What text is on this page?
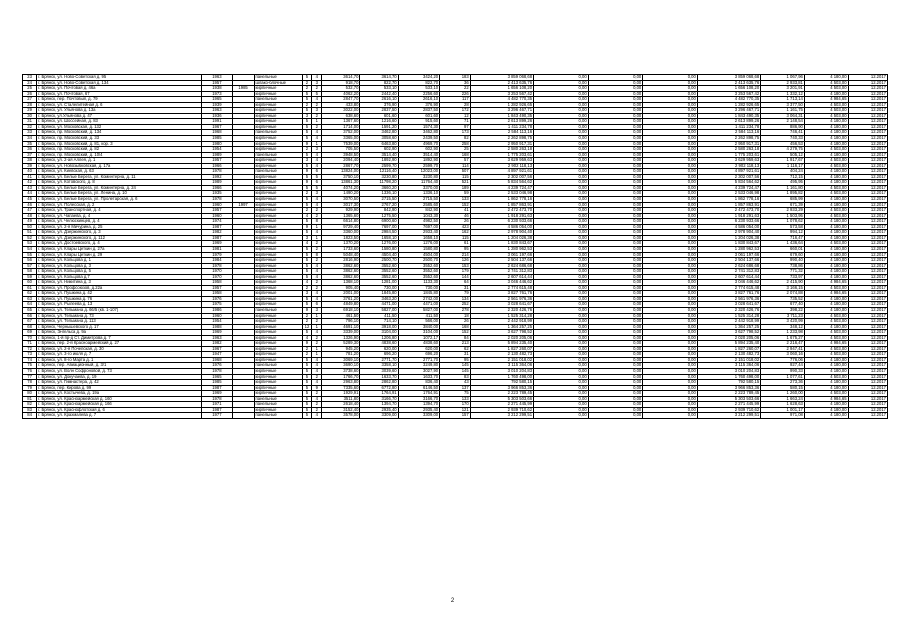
23	г. Брянск, ул. Ново-Советская д. 95	1963		панельные	5	4	3614,70	3614,70	3424,20	183	3 859 068,68	0,00	0,00	0,00	3 859 068,68	1 067,96	4 180,00	12.2017
24	г. Брянск, ул. Ново-Советская д. 134	1957		шлако-блочные	2	3	918,70	822,70	822,70	36	2 413 635,76	0,00	0,00	0,00	2 413 635,76	2 933,81	4 503,00	12.2017
25	г. Брянск, ул. Почтовая д. 46а	1938	1985	кирпичные	2	2	532,70	533,10	533,10	22	1 656 108,20	0,00	0,00	0,00	1 656 108,20	3 201,91	4 503,00	12.2017
26	г. Брянск, ул. Почтовая, 67	1973		кирпичные	5	5	4062,20	2442,40	2256,60	226	3 253 567,42	0,00	0,00	0,00	3 253 567,42	1 332,12	4 180,00	12.2017
27	г. Брянск, пер. Почтовый, д. 79	1965		панельные	5	4	2847,70	2616,10	2616,10	117	4 482 770,35	0,00	0,00	0,00	4 482 770,35	1 713,14	4 984,65	12.2017
28	г. Брянск, ул. Сталелитейная д. 6	1939		кирпичные	2	2	433,80	376,90	376,90	28	1 282 926,65	0,00	0,00	0,00	1 282 926,65	3 377,50	4 503,00	12.2017
29	г. Брянск, ул. Ульянова д. 13а	1963		кирпичные	5	3	3022,00	2837,50	2837,50	172	3 296 467,71	0,00	0,00	0,00	3 296 467,71	1 161,75	4 503,00	12.2017
30	г. Брянск, ул.Ульянова д. 47	1936		кирпичные	3	2	638,60	601,60	601,60	12	1 843 490,35	0,00	0,00	0,00	1 843 490,35	3 064,31	4 503,00	12.2017
31	г. Брянск, ул. Шоссейная, д. 83	1991		кирпичные	5	1	1367,60	1216,60	915,60	71	2 613 899,26	0,00	0,00	0,00	2 613 899,26	2 148,54	4 180,00	12.2017
32	г. Брянск, ул. Московская, д. 132	1967		кирпичные	5	2	1714,00	1591,20	1574,30	97	1 411 234,78	0,00	0,00	0,00	1 411 234,78	886,90	4 180,00	12.2017
33	г. Брянск, пр. Московский, д. 134	1968		панельные	5	4	3752,00	3462,80	3462,80	173	2 584 113,16	0,00	0,00	0,00	2 584 113,16	746,41	4 180,00	12.2017
34	г. Брянск, пр. Московский, д. 33	1985		кирпичные	5	4	3365,00	3058,60	2439,50	82	2 262 898,75	0,00	0,00	0,00	2 262 898,75	740,33	4 180,00	12.2017
35	г. Брянск, пр. Московский, д. 81, кор. 3	1980		кирпичные	9	1	7539,00	6463,80	4969,70	258	2 950 917,31	0,00	0,00	0,00	2 950 917,31	456,53	4 180,00	12.2017
36	г. Брянск, пр. Московский, д. 82	1954		кирпичные	2	3	705,50	602,90	602,90	25	2 580 263,18	0,00	0,00	0,00	2 580 263,18	4 279,75	4 503,00	12.2017
37	г. Брянск, пр. Московский, д. 10/4	1989		панельные	5	4	3948,50	3514,40	3514,40	168	1 775 203,61	0,00	0,00	0,00	1 775 203,61	505,12	4 180,00	12.2017
38	г. Брянск, ул. 2-ая Аллея, д. 1	1957		кирпичные	3	4	2094,40	1892,90	1892,90	57	3 629 959,63	0,00	0,00	0,00	3 629 959,63	1 917,67	4 503,00	12.2017
39	г. Брянск, ул. Новозыбковская, д. 17а	1966		кирпичные	5	4	2867,70	2599,70	2599,70	114	2 902 118,13	0,00	0,00	0,00	2 902 118,13	1 116,17	4 503,00	12.2017
40	г. Брянск, ул. Киевская, д. 63	1978		панельные	9	6	13824,00	12116,40	12023,00	507	4 897 921,61	0,00	0,00	0,00	4 897 921,61	404,24	4 180,00	12.2017
41	г. Брянск, ул. Белые Берега, ул. Коминтерна, д. 11	1992		кирпичные	5	5	3750,10	3230,80	3230,80	115	2 302 007,56	0,00	0,00	0,00	2 302 007,56	712,15	4 180,00	12.2017
42	г. Брянск, ул. Котовского, д. 8	1989		кирпичные	9	6	13861,30	11798,20	11764,40	521	5 834 564,62	0,00	0,00	0,00	5 834 564,62	495,95	4 180,00	12.2017
43	г. Брянск, ул. Белые Берега, ул. Коминтерна, д. 24	1966		кирпичные	5	5	4074,20	3660,20	3370,00	189	4 239 724,47	0,00	0,00	0,00	4 239 724,47	1 161,80	4 503,00	12.2017
44	г. Брянск, ул. Белые Берега, ул. Ленина, д. 10	1935		кирпичные	2	3	1490,20	1336,10	1336,10	59	2 533 046,98	0,00	0,00	0,00	2 533 046,98	1 895,82	4 503,00	12.2017
45	г. Брянск, ул. Белые Берега, ул. Пролетарская, д. 6	1978		кирпичные	5	4	3070,50	2715,50	2715,50	133	1 862 778,16	0,00	0,00	0,00	1 862 778,16	685,99	4 180,00	12.2017
46	г. Брянск, ул. Полесская, д. 2	1960	1997	кирпичные	5	4	3017,30	2767,20	2585,60	152	1 857 863,91	0,00	0,00	0,00	1 857 863,91	671,39	4 180,00	12.2017
47	г. Брянск, ул. Транспортная, д. 4	1957		кирпичные	2	2	929,90	842,90	842,90	41	2 472 473,70	0,00	0,00	0,00	2 472 473,70	2 933,29	4 503,00	12.2017
48	г. Брянск, ул. Чапаева, д. 4	1960		кирпичные	4	2	1365,60	1275,50	1043,30	46	1 918 291,63	0,00	0,00	0,00	1 918 291,63	1 503,95	4 503,00	12.2017
49	г. Брянск, ул. Челюскинцев, д. 4	1974		кирпичные	5	8	6614,80	6900,60	4982,50	26	6 230 933,66	0,00	0,00	0,00	6 230 933,66	1 078,62	4 180,00	12.2017
50	г. Брянск, ул. 2-я Мичурина, д. 25	1987		кирпичные	9	1	9729,40	7697,00	7697,00	423	4 586 054,00	0,00	0,00	0,00	4 586 054,00	573,58	4 180,00	12.2017
51	г. Брянск, ул. Дзержинского, д. 3	1982		кирпичные	5	4	3360,00	2984,50	2933,40	162	2 978 904,40	0,00	0,00	0,00	2 978 904,40	994,12	4 180,00	12.2017
52	г. Брянск, ул. Дзержинского, д. 112	1987		кирпичные	3	1	1823,50	1658,10	1658,10	115	1 204 026,38	0,00	0,00	0,00	1 204 026,38	716,47	4 180,00	12.2017
53	г. Брянск, ул. Достоевского, д. 4	1969		кирпичные	4	2	1370,20	1276,00	1276,00	61	1 830 843,67	0,00	0,00	0,00	1 830 843,67	1 436,64	4 503,00	12.2017
54	г. Брянск, ул. Клары Цеткин д. 27а	1981		кирпичные	5	2	1733,60	1580,80	1580,80	95	1 280 962,53	0,00	0,00	0,00	1 280 962,53	660,01	4 180,00	12.2017
55	г. Брянск, ул. Клары Цеткин д. 29	1979		кирпичные	5	8	5048,40	4504,40	4504,00	214	3 061 197,66	0,00	0,00	0,00	3 061 197,66	679,60	4 180,00	12.2017
56	г. Брянск, ул. Кольцова д. 1	1984		кирпичные	5	2	2816,90	2500,70	2500,70	126	2 504 137,66	0,00	0,00	0,00	2 504 137,66	990,40	4 180,00	12.2017
57	г. Брянск, ул. Кольцова д. 3	1978		кирпичные	5	4	3862,60	3552,60	3552,60	153	2 624 686,68	0,00	0,00	0,00	2 624 686,68	738,86	4 180,00	12.2017
58	г. Брянск, ул. Кольцова д. 5	1970		кирпичные	5	4	3862,60	3552,60	3552,60	179	2 741 312,83	0,00	0,00	0,00	2 741 312,83	771,32	4 180,00	12.2017
59	г. Брянск, ул. Кольцова д.7	1970		кирпичные	5	4	3862,60	3552,60	3552,60	144	2 607 614,44	0,00	0,00	0,00	2 607 614,44	733,97	4 180,00	12.2017
60	г. Брянск, ул. Никитина д. 3	1958		кирпичные	4	2	1368,10	1281,00	1133,30	64	3 046 446,62	0,00	0,00	0,00	3 046 446,62	2 415,90	4 984,65	12.2017
61	г. Брянск, ул. Профсоюзов, д.22а	1957		кирпичные	2	2	905,40	730,00	730,00	31	2 774 615,48	0,00	0,00	0,00	2 774 615,48	3 166,15	4 503,00	12.2017
62	г. Брянск, ул. Пушкина д. 42	1958		кирпичные	3	4	2001,00	1845,80	1845,80	79	3 827 761,76	0,00	0,00	0,00	3 827 761,76	2 074,88	4 984,65	12.2017
63	г. Брянск, ул. Пушкина д. 76	1976		кирпичные	5	4	3761,20	3463,20	2742,00	134	2 561 976,36	0,00	0,00	0,00	2 561 976,36	735,52	4 180,00	12.2017
64	г. Брянск, ул. Рылеева д. 13	1975		кирпичные	5	6	4849,80	4471,00	4471,00	252	3 028 641,67	0,00	0,00	0,00	3 028 641,67	677,40	4 180,00	12.2017
65	г. Брянск, ул. Тельмана д. 66/5 (кв. 1-107)	1986		панельные	9	3	6918,10	5827,00	5827,00	278	2 320 426,76	0,00	0,00	0,00	2 320 426,76	398,22	4 180,00	12.2017
66	г. Брянск, ул. Тельмана д. 73	1960		кирпичные	2	1	461,50	411,50	411,50	18	1 525 314,28	0,00	0,00	0,00	1 525 314,28	3 711,23	4 503,00	12.2017
67	г. Брянск, ул. Тельмана д. 113	1954		кирпичные	2	2	796,10	714,10	566,00	26	2 442 918,99	0,00	0,00	0,00	2 442 918,99	3 420,99	4 503,00	12.2017
68	г. Брянск, Чернышевского д. 17	1988		кирпичные	12	1	4691,10	3918,00	3840,00	168	1 364 257,25	0,00	0,00	0,00	1 364 257,25	348,12	4 180,00	12.2017
69	г. Брянск, Энгельса д. 9а	1969		кирпичные	5	4	3339,00	3104,00	3104,00	152	3 627 798,52	0,00	0,00	0,00	3 627 798,52	1 233,98	4 503,00	12.2017
70	г. Брянск, 1-й пр-д Ст. Димитрова д. 7	1963		кирпичные	4	2	1326,90	1206,80	1072,17	84	2 020 205,06	0,00	0,00	0,00	2 020 205,06	1 675,27	4 503,00	12.2017
71	г. Брянск, пер. 2-й Красноармейский д. 27	1982		кирпичные	9	2	5289,30	4838,60	4838,60	213	5 894 235,40	0,00	0,00	0,00	5 894 235,40	2 216,47	4 984,65	12.2017
72	г. Брянск, ул. 2-я Почепская, д. 30	1967		кирпичные	2	1	945,20	620,00	620,00	62	1 827 260,07	0,00	0,00	0,00	1 827 260,07	2 947,41	4 503,00	12.2017
73	г. Брянск, ул. 3-го июля д. 7	1947		кирпичные	2	1	781,20	696,20	696,20	31	2 130 482,73	0,00	0,00	0,00	2 130 482,73	3 060,16	4 503,00	12.2017
74	г. Брянск, ул. 8-го Марта д. 1	1968		кирпичные	5	4	3069,10	2771,70	2771,70	95	2 151 018,02	0,00	0,00	0,00	2 151 018,02	776,06	4 180,00	12.2017
75	г. Брянск, пер. Авиационный, д. 3/1	1976		панельные	5	4	3690,10	3358,10	3249,80	145	3 115 364,06	0,00	0,00	0,00	3 115 364,06	927,44	4 180,00	12.2017
76	г. Брянск, ул. Волн Софроновой, д. 73	1978		кирпичные	5	4	3738,60	3039,60	3027,90	145	3 010 204,83	0,00	0,00	0,00	3 010 204,83	990,33	4 180,00	12.2017
77	г. Брянск, ул. Докучаева, д. 19	1965		кирпичные	5	2	1766,70	1633,70	1633,70	83	1 760 498,00	0,00	0,00	0,00	1 760 498,00	1 077,61	4 503,00	12.2017
78	г. Брянск, ул. Гимнастера, д. 42	1985		кирпичные	5	4	2963,80	2862,80	836,40	43	792 580,15	0,00	0,00	0,00	792 580,15	273,36	4 180,00	12.2017
79	г. Брянск, пер. Кирова д. 99	1987		кирпичные	5	9	7335,60	6772,80	6146,50	137	3 966 853,36	0,00	0,00	0,00	3 966 853,36	580,15	4 180,00	12.2017
80	г. Брянск, ул. Костычева, д. 19а	1969		кирпичные	5	2	1929,91	1764,91	1764,91	75	2 223 789,45	0,00	0,00	0,00	2 223 789,45	1 260,00	4 503,00	12.2017
81	г. Брянск, ул. Красноармейская д. 160	1978		панельные	5	4	3511,80	3166,70	3166,70	133	5 303 503,66	0,00	0,00	0,00	5 303 503,66	1 663,24	4 984,65	12.2017
82	г. Брянск, ул. Красноармейская д. 166	1971		панельные	5	2	2618,40	1394,70	1394,70	170	2 271 445,99	0,00	0,00	0,00	2 271 445,99	1 628,63	4 180,00	12.2017
83	г. Брянск, ул. Краснофлотская д. 6	1987		кирпичные	5	2	3152,40	2935,40	2935,40	121	2 939 710,62	0,00	0,00	0,00	2 939 710,62	1 001,17	4 180,00	12.2017
84	г. Брянск, ул. Крахмалева д. 7	1977		панельные	5	4	3578,00	3309,00	3309,00	157	3 212 299,51	0,00	0,00	0,00	3 212 299,51	971,08	4 180,00	12.2017
2
